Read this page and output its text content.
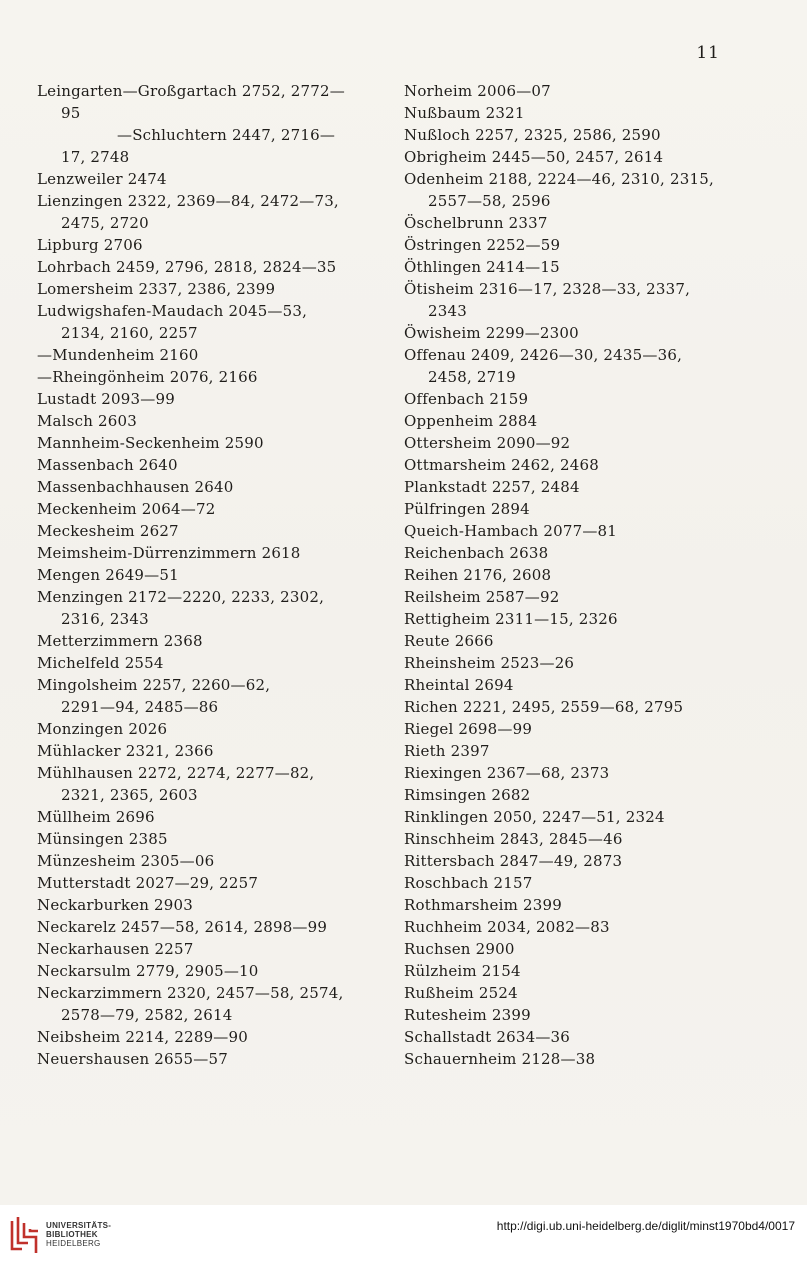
11
Leingarten—Großgartach 2752, 2772—
95
—Schluchtern 2447, 2716—
17, 2748
Lenzweiler 2474
Lienzingen 2322, 2369—84, 2472—73,
2475, 2720
Lipburg 2706
Lohrbach 2459, 2796, 2818, 2824—35
Lomersheim 2337, 2386, 2399
Ludwigshafen-Maudach 2045—53,
2134, 2160, 2257
—Mundenheim 2160
—Rheingönheim 2076, 2166
Lustadt 2093—99
Malsch 2603
Mannheim-Seckenheim 2590
Massenbach 2640
Massenbachhausen 2640
Meckenheim 2064—72
Meckesheim 2627
Meimsheim-Dürrenzimmern 2618
Mengen 2649—51
Menzingen 2172—2220, 2233, 2302,
2316, 2343
Metterzimmern 2368
Michelfeld 2554
Mingolsheim 2257, 2260—62,
2291—94, 2485—86
Monzingen 2026
Mühlacker 2321, 2366
Mühlhausen 2272, 2274, 2277—82,
2321, 2365, 2603
Müllheim 2696
Münsingen 2385
Münzesheim 2305—06
Mutterstadt 2027—29, 2257
Neckarburken 2903
Neckarelz 2457—58, 2614, 2898—99
Neckarhausen 2257
Neckarsulm 2779, 2905—10
Neckarzimmern 2320, 2457—58, 2574,
2578—79, 2582, 2614
Neibsheim 2214, 2289—90
Neuershausen 2655—57
Norheim 2006—07
Nußbaum 2321
Nußloch 2257, 2325, 2586, 2590
Obrigheim 2445—50, 2457, 2614
Odenheim 2188, 2224—46, 2310, 2315,
2557—58, 2596
Öschelbrunn 2337
Östringen 2252—59
Öthlingen 2414—15
Ötisheim 2316—17, 2328—33, 2337,
2343
Öwisheim 2299—2300
Offenau 2409, 2426—30, 2435—36,
2458, 2719
Offenbach 2159
Oppenheim 2884
Ottersheim 2090—92
Ottmarsheim 2462, 2468
Plankstadt 2257, 2484
Pülfringen 2894
Queich-Hambach 2077—81
Reichenbach 2638
Reihen 2176, 2608
Reilsheim 2587—92
Rettigheim 2311—15, 2326
Reute 2666
Rheinsheim 2523—26
Rheintal 2694
Richen 2221, 2495, 2559—68, 2795
Riegel 2698—99
Rieth 2397
Riexingen 2367—68, 2373
Rimsingen 2682
Rinklingen 2050, 2247—51, 2324
Rinschheim 2843, 2845—46
Rittersbach 2847—49, 2873
Roschbach 2157
Rothmarsheim 2399
Ruchheim 2034, 2082—83
Ruchsen 2900
Rülzheim 2154
Rußheim 2524
Rutesheim 2399
Schallstadt 2634—36
Schauernheim 2128—38
UNIVERSITÄTS-
BIBLIOTHEK
HEIDELBERG
http://digi.ub.uni-heidelberg.de/diglit/minst1970bd4/0017
